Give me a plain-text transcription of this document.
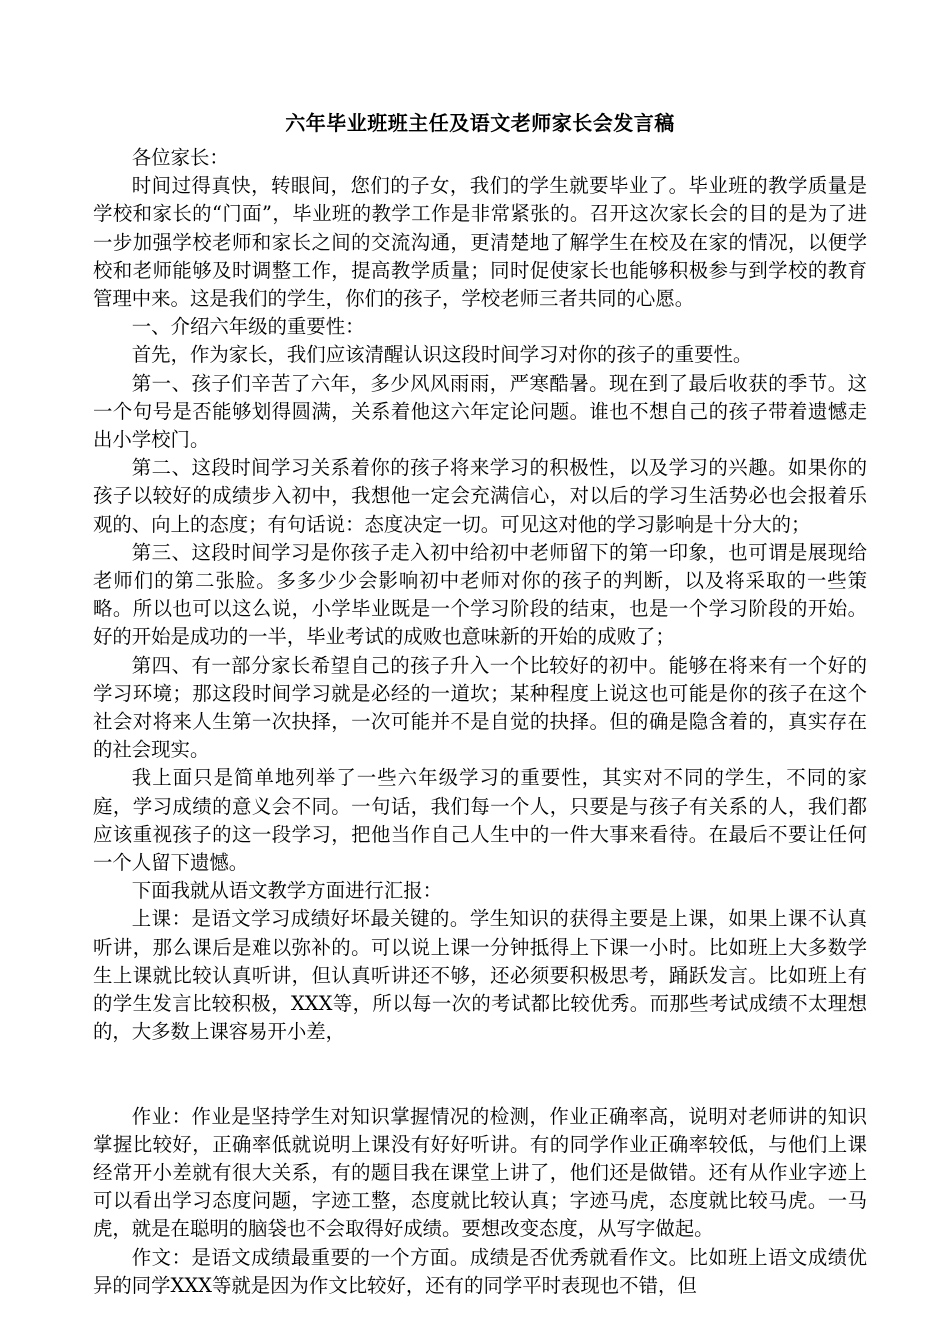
六年毕业班班主任及语文老师家长会发言稿

各位家长：

时间过得真快，转眼间，您们的子女，我们的学生就要毕业了。毕业班的教学质量是学校和家长的“门面”，毕业班的教学工作是非常紧张的。召开这次家长会的目的是为了进一步加强学校老师和家长之间的交流沟通，更清楚地了解学生在校及在家的情况，以便学校和老师能够及时调整工作，提高教学质量；同时促使家长也能够积极参与到学校的教育管理中来。这是我们的学生，你们的孩子，学校老师三者共同的心愿。

一、介绍六年级的重要性：

首先，作为家长，我们应该清醒认识这段时间学习对你的孩子的重要性。

第一、孩子们辛苦了六年，多少风风雨雨，严寒酷暑。现在到了最后收获的季节。这一个句号是否能够划得圆满，关系着他这六年定论问题。谁也不想自己的孩子带着遗憾走出小学校门。

第二、这段时间学习关系着你的孩子将来学习的积极性，以及学习的兴趣。如果你的孩子以较好的成绩步入初中，我想他一定会充满信心，对以后的学习生活势必也会报着乐观的、向上的态度；有句话说：态度决定一切。可见这对他的学习影响是十分大的；

第三、这段时间学习是你孩子走入初中给初中老师留下的第一印象，也可谓是展现给老师们的第二张脸。多多少少会影响初中老师对你的孩子的判断，以及将采取的一些策略。所以也可以这么说，小学毕业既是一个学习阶段的结束，也是一个学习阶段的开始。好的开始是成功的一半，毕业考试的成败也意味新的开始的成败了；

第四、有一部分家长希望自己的孩子升入一个比较好的初中。能够在将来有一个好的学习环境；那这段时间学习就是必经的一道坎；某种程度上说这也可能是你的孩子在这个社会对将来人生第一次抉择，一次可能并不是自觉的抉择。但的确是隐含着的，真实存在的社会现实。

我上面只是简单地列举了一些六年级学习的重要性，其实对不同的学生，不同的家庭，学习成绩的意义会不同。一句话，我们每一个人，只要是与孩子有关系的人，我们都应该重视孩子的这一段学习，把他当作自己人生中的一件大事来看待。在最后不要让任何一个人留下遗憾。

下面我就从语文教学方面进行汇报：

上课：是语文学习成绩好坏最关键的。学生知识的获得主要是上课，如果上课不认真听讲，那么课后是难以弥补的。可以说上课一分钟抵得上下课一小时。比如班上大多数学生上课就比较认真听讲，但认真听讲还不够，还必须要积极思考，踊跃发言。比如班上有的学生发言比较积极，XXX等，所以每一次的考试都比较优秀。而那些考试成绩不太理想的，大多数上课容易开小差，

作业：作业是坚持学生对知识掌握情况的检测，作业正确率高，说明对老师讲的知识掌握比较好，正确率低就说明上课没有好好听讲。有的同学作业正确率较低，与他们上课经常开小差就有很大关系，有的题目我在课堂上讲了，他们还是做错。还有从作业字迹上可以看出学习态度问题，字迹工整，态度就比较认真；字迹马虎，态度就比较马虎。一马虎，就是在聪明的脑袋也不会取得好成绩。要想改变态度，从写字做起。

作文：是语文成绩最重要的一个方面。成绩是否优秀就看作文。比如班上语文成绩优异的同学XXX等就是因为作文比较好，还有的同学平时表现也不错，但
